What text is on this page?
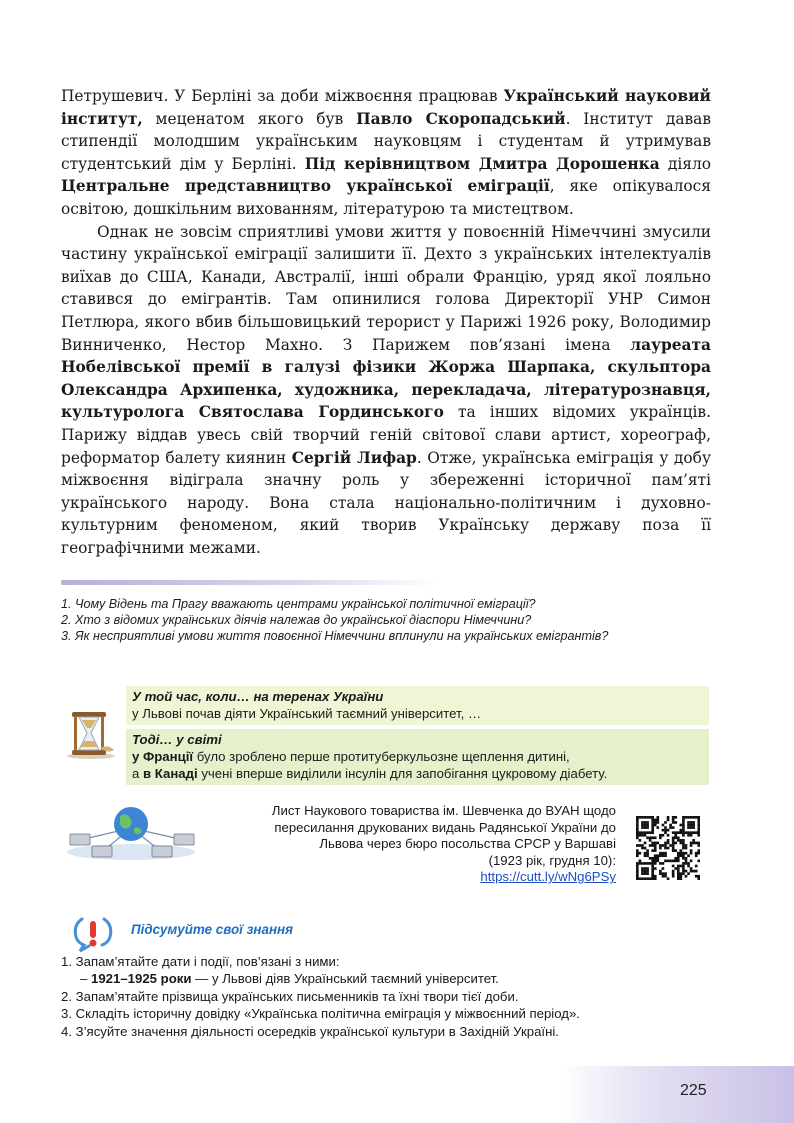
Петрушевич. У Берліні за доби міжвоєння працював Український науковий інститут, меценатом якого був Павло Скоропадський. Інститут давав стипендії молодшим українським науковцям і студентам й утримував студентський дім у Берліні. Під керівництвом Дмитра Дорошенка діяло Центральне представництво української еміграції, яке опікувалося освітою, дошкільним вихованням, літературою та мистецтвом.

Однак не зовсім сприятливі умови життя у повоєнній Німеччині змусили частину української еміграції залишити її. Дехто з українських інтелектуалів виїхав до США, Канади, Австралії, інші обрали Францію, уряд якої лояльно ставився до емігрантів. Там опинилися голова Директорії УНР Симон Петлюра, якого вбив більшовицький терорист у Парижі 1926 року, Володимир Винниченко, Нестор Махно. З Парижем пов’язані імена лауреата Нобелівської премії в галузі фізики Жоржа Шарпака, скульптора Олександра Архипенка, художника, перекладача, літературознавця, культуролога Святослава Гординського та інших відомих українців. Парижу віддав увесь свій творчий геній світової слави артист, хореограф, реформатор балету киянин Сергій Лифар. Отже, українська еміграція у добу міжвоєння відіграла значну роль у збереженні історичної пам’яті українського народу. Вона стала національно-політичним і духовно-культурним феноменом, який творив Українську державу поза її географічними межами.

1. Чому Відень та Прагу вважають центрами української політичної еміграції?
2. Хто з відомих українських діячів належав до української діаспори Німеччини?
3. Як несприятливі умови життя повоєнної Німеччини вплинули на українських емігрантів?
У той час, коли… на теренах України
у Львові почав діяти Український таємний університет, …
Тоді… у світі
у Франції було зроблено перше протитуберкульозне щеплення дитині,
а в Канаді учені вперше виділили інсулін для запобігання цукровому діабету.
Лист Наукового товариства ім. Шевченка до ВУАН щодо
пересилання друкованих видань Радянської України до
Львова через бюро посольства СРСР у Варшаві
(1923 рік, грудня 10):
https://cutt.ly/wNg6PSy
Підсумуйте свої знання
1. Запам’ятайте дати і події, пов’язані з ними:
– 1921–1925 роки — у Львові діяв Український таємний університет.
2. Запам’ятайте прізвища українських письменників та їхні твори тієї доби.
3. Складіть історичну довідку «Українська політична еміграція у міжвоєнний період».
4. З’ясуйте значення діяльності осередків української культури в Західній Україні.
225
